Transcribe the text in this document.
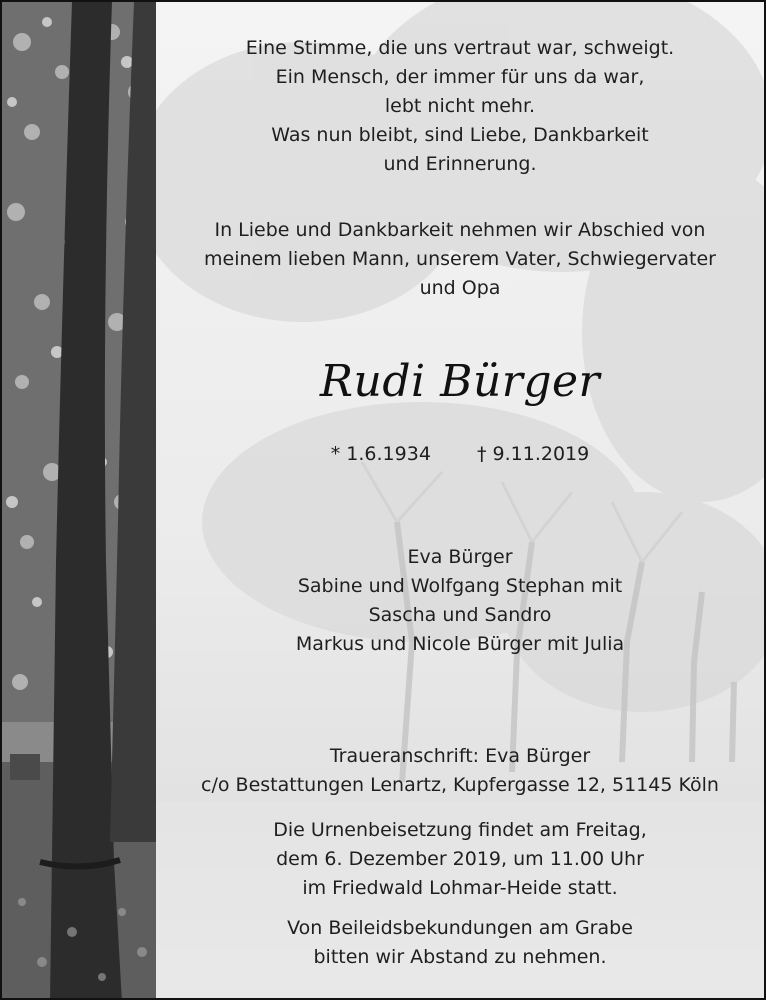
Eine Stimme, die uns vertraut war, schweigt.

Ein Mensch, der immer für uns da war,

lebt nicht mehr.

Was nun bleibt, sind Liebe, Dankbarkeit

und Erinnerung.

In Liebe und Dankbarkeit nehmen wir Abschied von

meinem lieben Mann, unserem Vater, Schwiegervater

und Opa

Rudi Bürger
* 1.6.1934 † 9.11.2019

Eva Bürger

Sabine und Wolfgang Stephan mit

Sascha und Sandro

Markus und Nicole Bürger mit Julia

Traueranschrift: Eva Bürger

c/o Bestattungen Lenartz, Kupfergasse 12, 51145 Köln

Die Urnenbeisetzung findet am Freitag,

dem 6. Dezember 2019, um 11.00 Uhr

im Friedwald Lohmar-Heide statt.

Von Beileidsbekundungen am Grabe

bitten wir Abstand zu nehmen.
